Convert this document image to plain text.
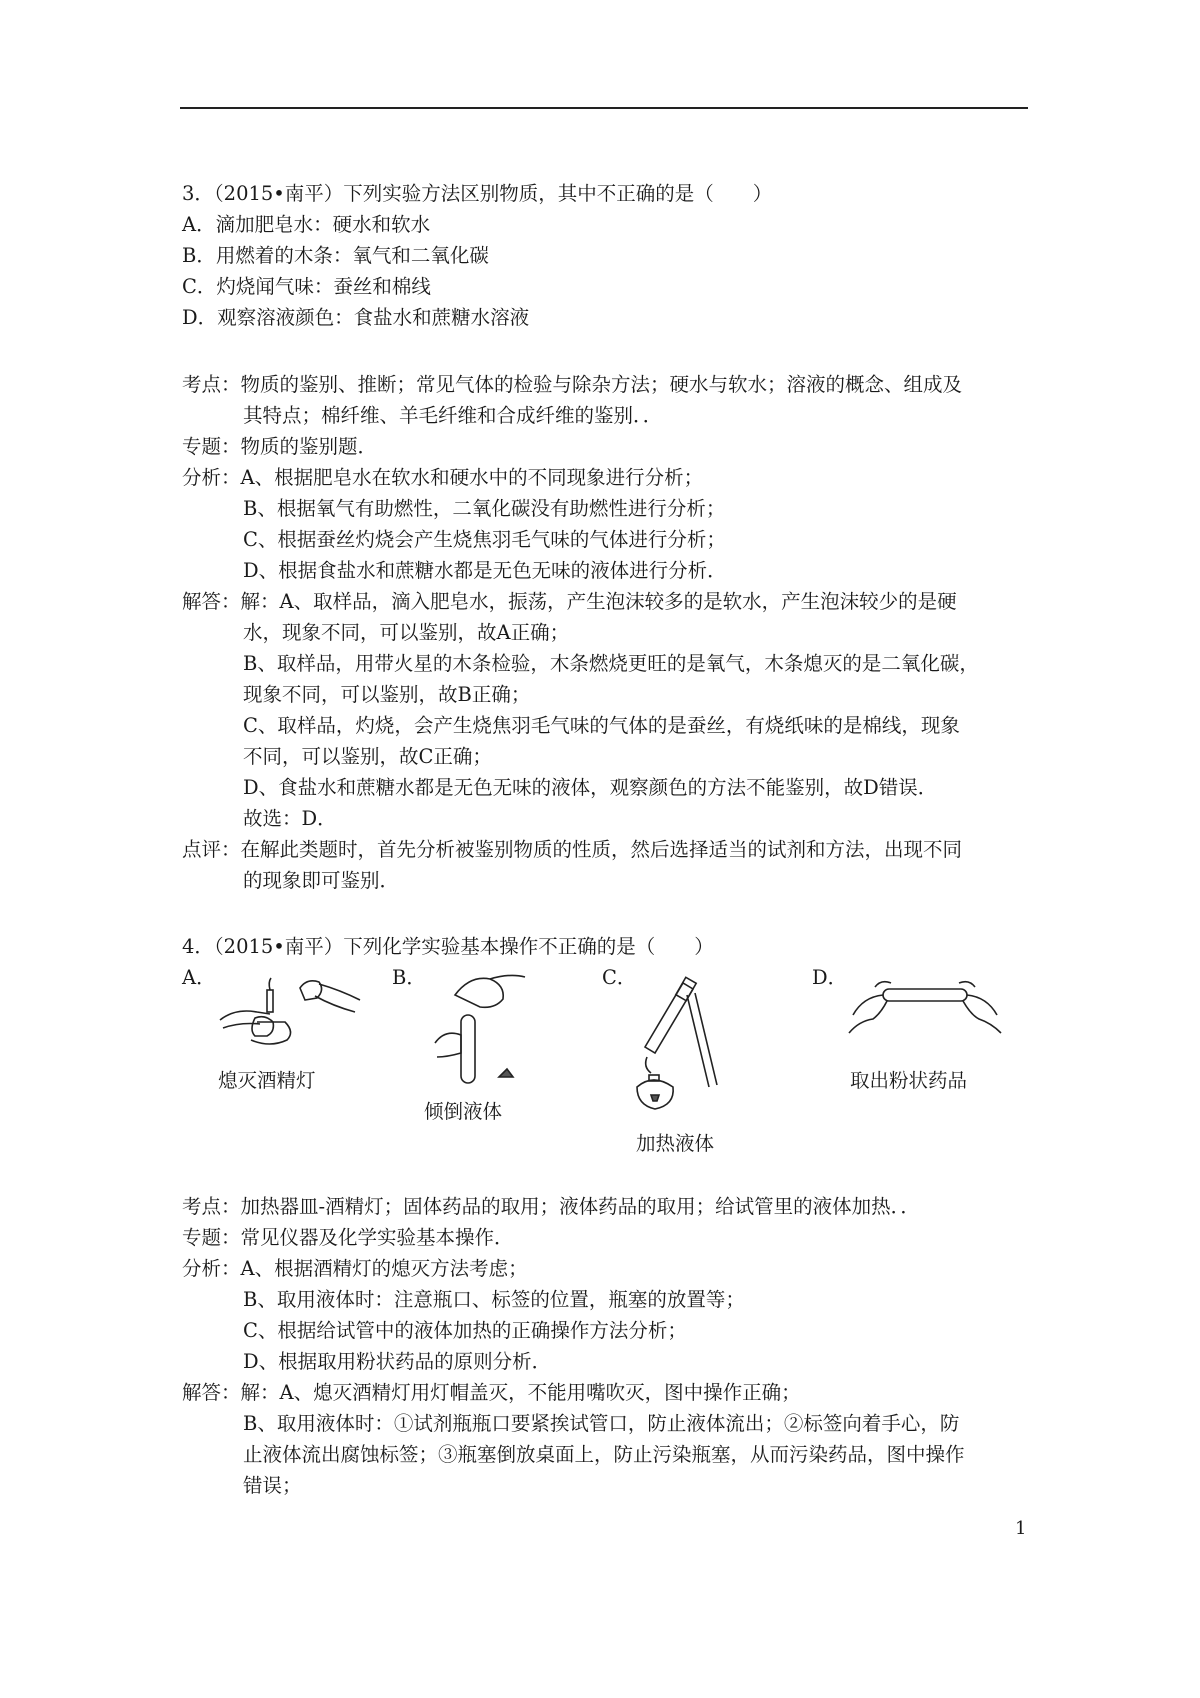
3．（2015•南平）下列实验方法区别物质，其中不正确的是（　　）
A．滴加肥皂水：硬水和软水
B．用燃着的木条：氧气和二氧化碳
C．灼烧闻气味：蚕丝和棉线
D．观察溶液颜色：食盐水和蔗糖水溶液
考点：物质的鉴别、推断；常见气体的检验与除杂方法；硬水与软水；溶液的概念、组成及
其特点；棉纤维、羊毛纤维和合成纤维的鉴别．．
专题：物质的鉴别题．
分析：A、根据肥皂水在软水和硬水中的不同现象进行分析；
B、根据氧气有助燃性，二氧化碳没有助燃性进行分析；
C、根据蚕丝灼烧会产生烧焦羽毛气味的气体进行分析；
D、根据食盐水和蔗糖水都是无色无味的液体进行分析．
解答：解：A、取样品，滴入肥皂水，振荡，产生泡沫较多的是软水，产生泡沫较少的是硬
水，现象不同，可以鉴别，故A正确；
B、取样品，用带火星的木条检验，木条燃烧更旺的是氧气，木条熄灭的是二氧化碳，
现象不同，可以鉴别，故B正确；
C、取样品，灼烧，会产生烧焦羽毛气味的气体的是蚕丝，有烧纸味的是棉线，现象
不同，可以鉴别，故C正确；
D、食盐水和蔗糖水都是无色无味的液体，观察颜色的方法不能鉴别，故D错误．
故选：D．
点评：在解此类题时，首先分析被鉴别物质的性质，然后选择适当的试剂和方法，出现不同
的现象即可鉴别．
4．（2015•南平）下列化学实验基本操作不正确的是（　　）
A．	B．	C．	D．
熄灭酒精灯
倾倒液体
加热液体
取出粉状药品
考点：加热器皿-酒精灯；固体药品的取用；液体药品的取用；给试管里的液体加热．．
专题：常见仪器及化学实验基本操作．
分析：A、根据酒精灯的熄灭方法考虑；
B、取用液体时：注意瓶口、标签的位置，瓶塞的放置等；
C、根据给试管中的液体加热的正确操作方法分析；
D、根据取用粉状药品的原则分析．
解答：解：A、熄灭酒精灯用灯帽盖灭，不能用嘴吹灭，图中操作正确；
B、取用液体时：①试剂瓶瓶口要紧挨试管口，防止液体流出；②标签向着手心，防
止液体流出腐蚀标签；③瓶塞倒放桌面上，防止污染瓶塞，从而污染药品，图中操作
错误；
1
